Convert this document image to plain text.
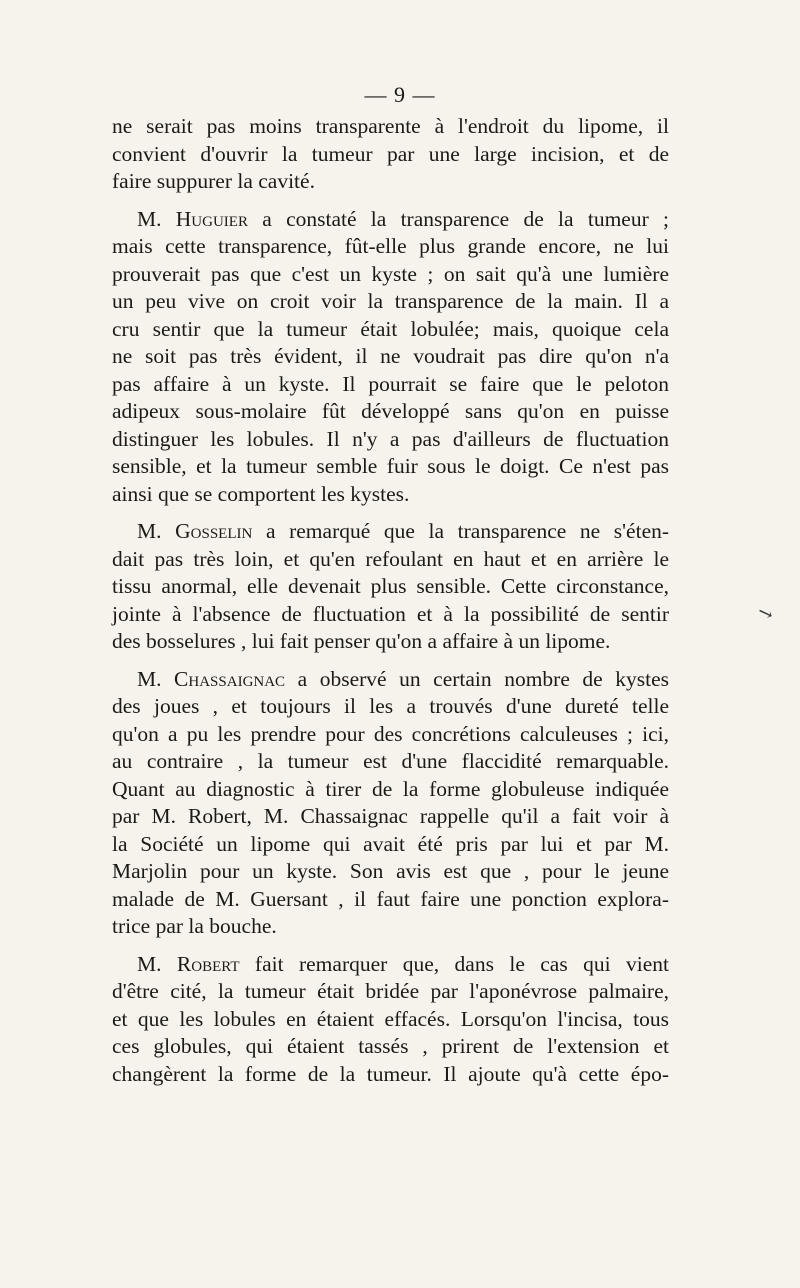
— 9 —
↘
ne serait pas moins transparente à l'endroit du lipome, il
convient d'ouvrir la tumeur par une large incision, et de
faire suppurer la cavité.
M. Huguier a constaté la transparence de la tumeur ;
mais cette transparence, fût-elle plus grande encore, ne lui
prouverait pas que c'est un kyste ; on sait qu'à une lumière
un peu vive on croit voir la transparence de la main. Il a
cru sentir que la tumeur était lobulée; mais, quoique cela
ne soit pas très évident, il ne voudrait pas dire qu'on n'a
pas affaire à un kyste. Il pourrait se faire que le peloton
adipeux sous-molaire fût développé sans qu'on en puisse
distinguer les lobules. Il n'y a pas d'ailleurs de fluctuation
sensible, et la tumeur semble fuir sous le doigt. Ce n'est pas
ainsi que se comportent les kystes.
M. Gosselin a remarqué que la transparence ne s'éten-
dait pas très loin, et qu'en refoulant en haut et en arrière le
tissu anormal, elle devenait plus sensible. Cette circonstance,
jointe à l'absence de fluctuation et à la possibilité de sentir
des bosselures , lui fait penser qu'on a affaire à un lipome.
M. Chassaignac a observé un certain nombre de kystes
des joues , et toujours il les a trouvés d'une dureté telle
qu'on a pu les prendre pour des concrétions calculeuses ; ici,
au contraire , la tumeur est d'une flaccidité remarquable.
Quant au diagnostic à tirer de la forme globuleuse indiquée
par M. Robert, M. Chassaignac rappelle qu'il a fait voir à
la Société un lipome qui avait été pris par lui et par M.
Marjolin pour un kyste. Son avis est que , pour le jeune
malade de M. Guersant , il faut faire une ponction explora-
trice par la bouche.
M. Robert fait remarquer que, dans le cas qui vient
d'être cité, la tumeur était bridée par l'aponévrose palmaire,
et que les lobules en étaient effacés. Lorsqu'on l'incisa, tous
ces globules, qui étaient tassés , prirent de l'extension et
changèrent la forme de la tumeur. Il ajoute qu'à cette épo-
